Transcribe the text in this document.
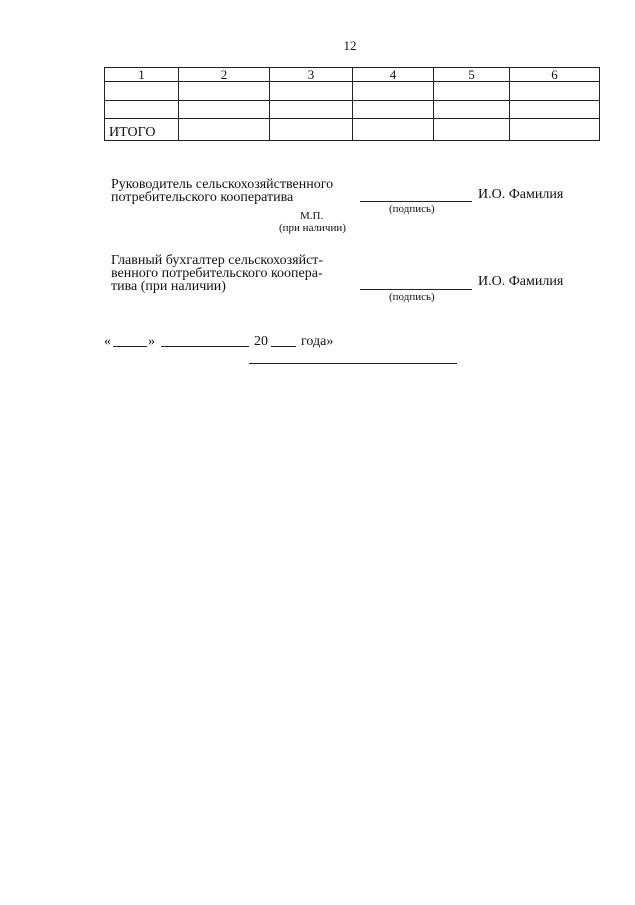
12
1	2	3	4	5	6

ИТОГО					
Руководитель сельскохозяйственного
потребительского кооператива	И.О. Фамилия
(подпись)
М.П.
(при наличии)
Главный бухгалтер сельскохозяйст-
венного потребительского коопера-
тива (при наличии)	И.О. Фамилия
(подпись)
«	»	20 года»
